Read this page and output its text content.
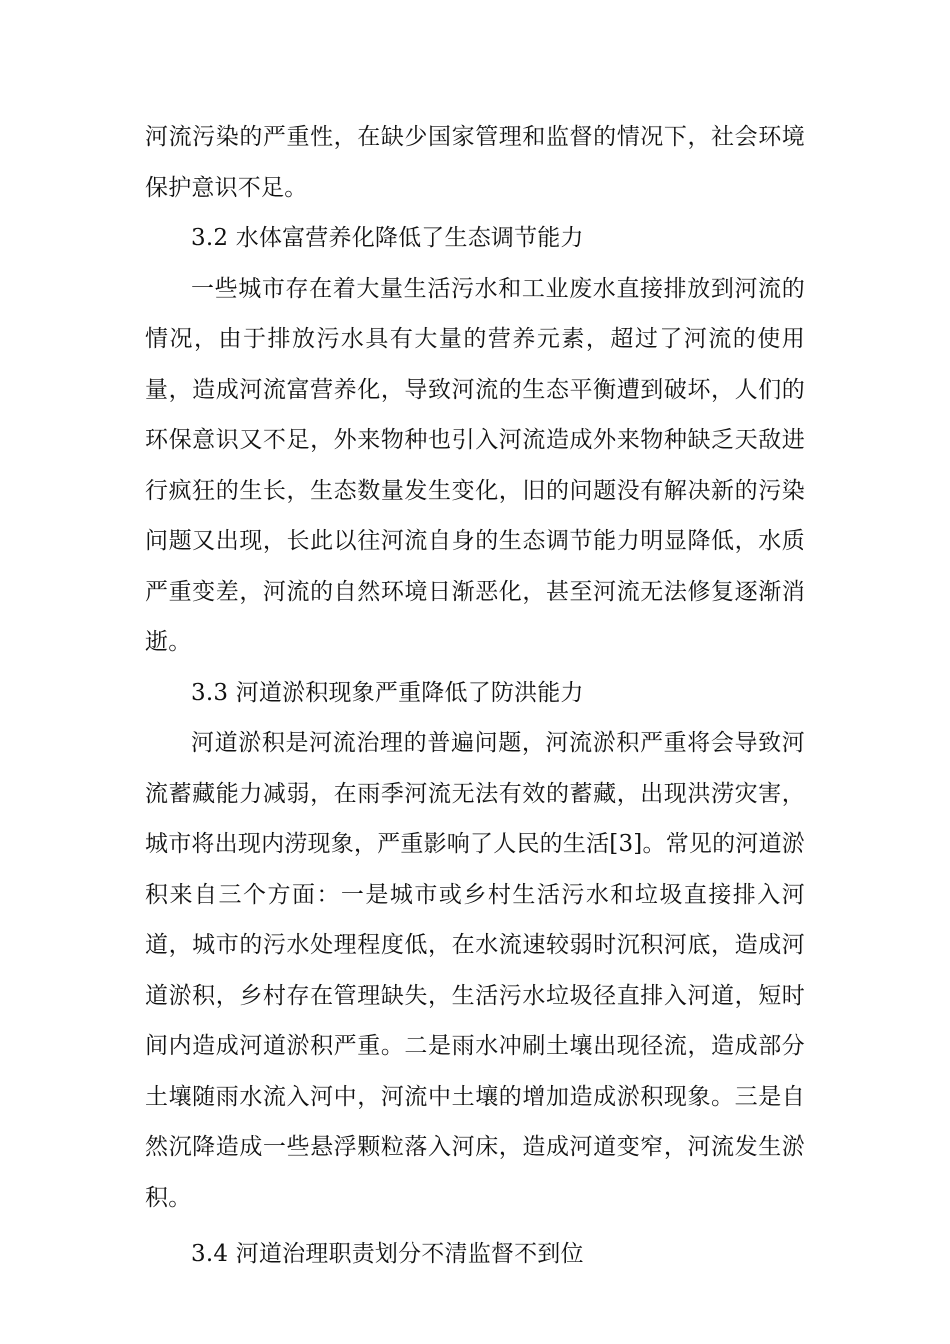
河流污染的严重性，在缺少国家管理和监督的情况下，社会环境保护意识不足。

3.2 水体富营养化降低了生态调节能力

一些城市存在着大量生活污水和工业废水直接排放到河流的情况，由于排放污水具有大量的营养元素，超过了河流的使用量，造成河流富营养化，导致河流的生态平衡遭到破坏，人们的环保意识又不足，外来物种也引入河流造成外来物种缺乏天敌进行疯狂的生长，生态数量发生变化，旧的问题没有解决新的污染问题又出现，长此以往河流自身的生态调节能力明显降低，水质严重变差，河流的自然环境日渐恶化，甚至河流无法修复逐渐消逝。

3.3 河道淤积现象严重降低了防洪能力

河道淤积是河流治理的普遍问题，河流淤积严重将会导致河流蓄藏能力减弱，在雨季河流无法有效的蓄藏，出现洪涝灾害，城市将出现内涝现象，严重影响了人民的生活[3]。常见的河道淤积来自三个方面：一是城市或乡村生活污水和垃圾直接排入河道，城市的污水处理程度低，在水流速较弱时沉积河底，造成河道淤积，乡村存在管理缺失，生活污水垃圾径直排入河道，短时间内造成河道淤积严重。二是雨水冲刷土壤出现径流，造成部分土壤随雨水流入河中，河流中土壤的增加造成淤积现象。三是自然沉降造成一些悬浮颗粒落入河床，造成河道变窄，河流发生淤积。

3.4 河道治理职责划分不清监督不到位
